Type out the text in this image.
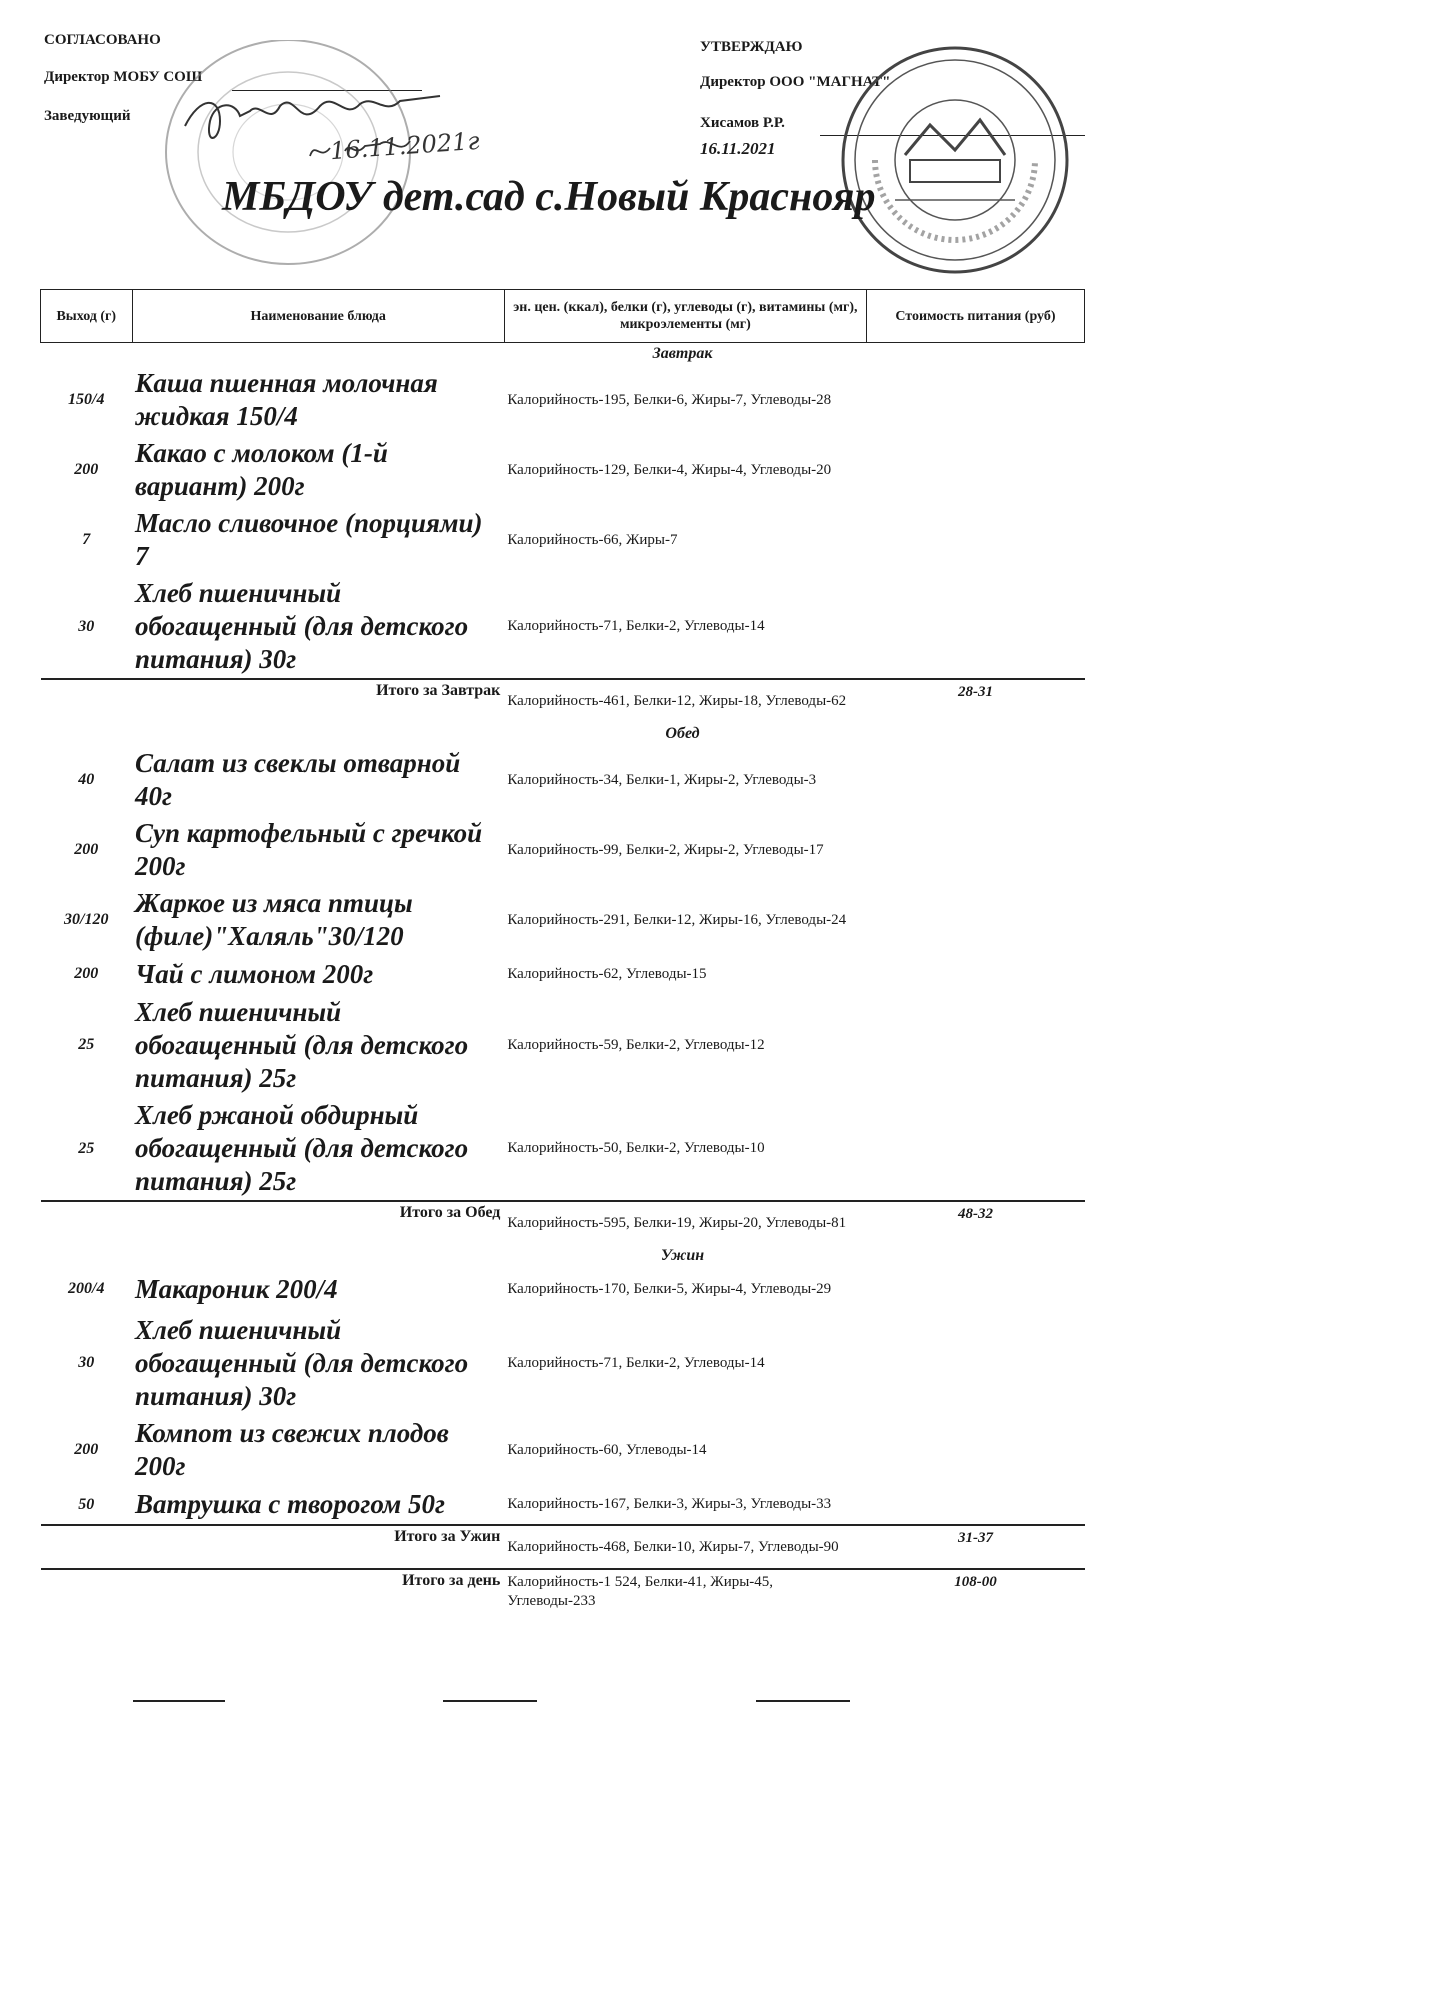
СОГЛАСОВАНО
Директор МОБУ СОШ
Заведующий
16.11.2021г
УТВЕРЖДАЮ
Директор ООО "МАГНАТ"
Хисамов Р.Р.
16.11.2021
МБДОУ дет.сад с.Новый Краснояр
Выход (г)	Наименование блюда	эн. цен. (ккал), белки (г), углеводы (г), витамины (мг), микроэлементы (мг)	Стоимость питания (руб)
Завтрак			
150/4	Каша пшенная молочная жидкая 150/4	Калорийность-195, Белки-6, Жиры-7, Углеводы-28	
200	Какао с молоком (1-й вариант) 200г	Калорийность-129, Белки-4, Жиры-4, Углеводы-20	
7	Масло сливочное (порциями) 7	Калорийность-66, Жиры-7	
30	Хлеб пшеничный обогащенный (для детского питания) 30г	Калорийность-71, Белки-2, Углеводы-14	
Итого за Завтрак		Калорийность-461, Белки-12, Жиры-18, Углеводы-62	28-31
Обед			
40	Салат из свеклы отварной 40г	Калорийность-34, Белки-1, Жиры-2, Углеводы-3	
200	Суп картофельный с гречкой 200г	Калорийность-99, Белки-2, Жиры-2, Углеводы-17	
30/120	Жаркое из мяса птицы (филе)"Халяль"30/120	Калорийность-291, Белки-12, Жиры-16, Углеводы-24	
200	Чай с лимоном 200г	Калорийность-62, Углеводы-15	
25	Хлеб пшеничный обогащенный (для детского питания) 25г	Калорийность-59, Белки-2, Углеводы-12	
25	Хлеб ржаной обдирный обогащенный (для детского питания) 25г	Калорийность-50, Белки-2, Углеводы-10	
Итого за Обед		Калорийность-595, Белки-19, Жиры-20, Углеводы-81	48-32
Ужин			
200/4	Макароник 200/4	Калорийность-170, Белки-5, Жиры-4, Углеводы-29	
30	Хлеб пшеничный обогащенный (для детского питания) 30г	Калорийность-71, Белки-2, Углеводы-14	
200	Компот из свежих плодов 200г	Калорийность-60, Углеводы-14	
50	Ватрушка с творогом 50г	Калорийность-167, Белки-3, Жиры-3, Углеводы-33	
Итого за Ужин		Калорийность-468, Белки-10, Жиры-7, Углеводы-90	31-37
Итого за день		Калорийность-1 524, Белки-41, Жиры-45, Углеводы-233	108-00
